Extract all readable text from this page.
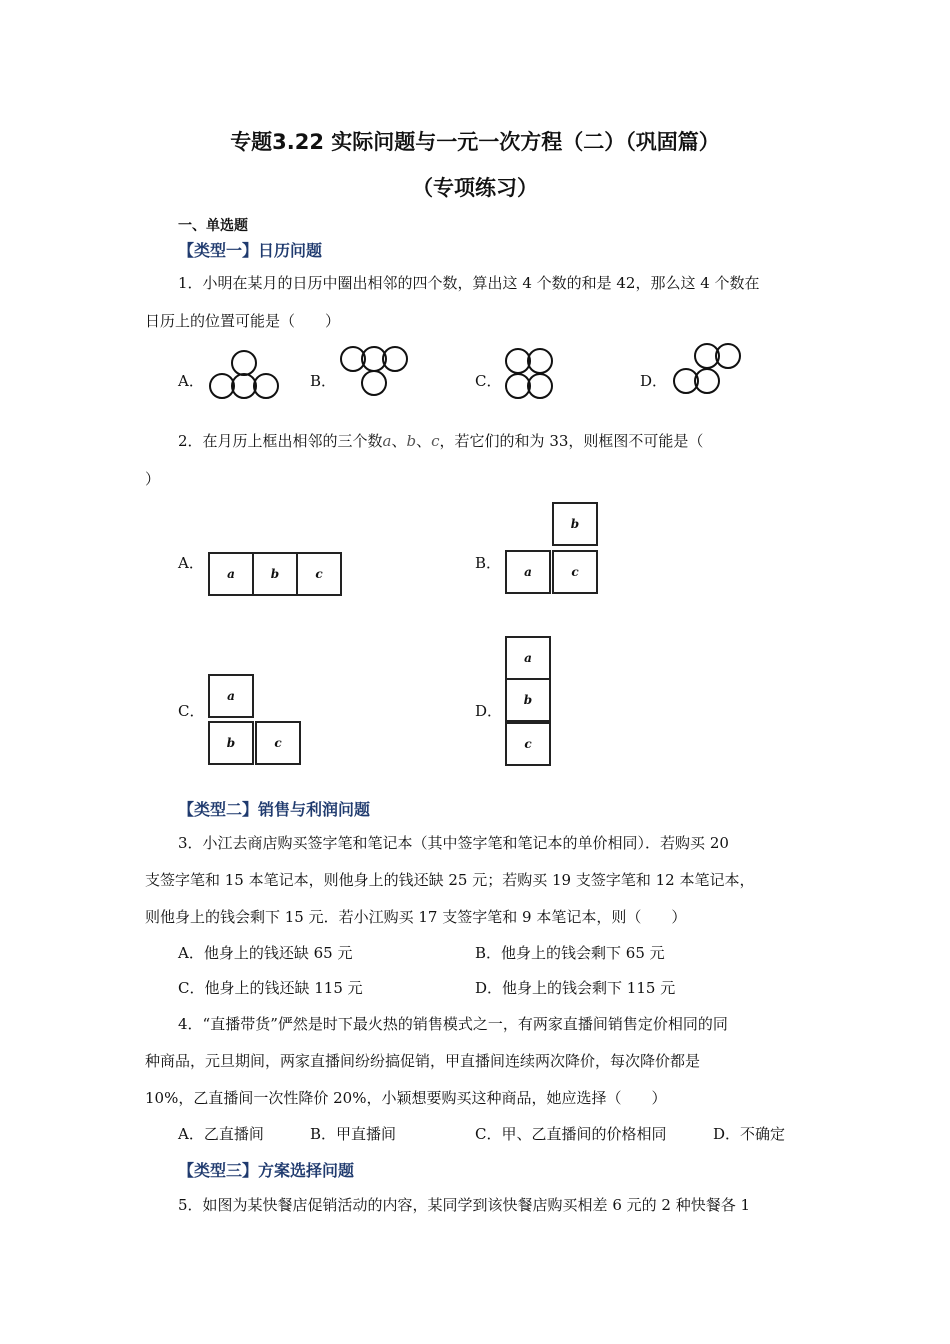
专题3.22 实际问题与一元一次方程（二）（巩固篇）
（专项练习）
一、单选题
【类型一】日历问题
1．小明在某月的日历中圈出相邻的四个数，算出这 4 个数的和是 42，那么这 4 个数在
日历上的位置可能是（　　）
A．	B．	C．	D．
2．在月历上框出相邻的三个数a、b、c，若它们的和为 33，则框图不可能是（
）
A．
a	b	c
B．
b
a	c
C．
a
b	c
D．
a
b
c
【类型二】销售与利润问题
3．小江去商店购买签字笔和笔记本（其中签字笔和笔记本的单价相同）．若购买 20
支签字笔和 15 本笔记本，则他身上的钱还缺 25 元；若购买 19 支签字笔和 12 本笔记本，
则他身上的钱会剩下 15 元．若小江购买 17 支签字笔和 9 本笔记本，则（　　）
A．他身上的钱还缺 65 元	B．他身上的钱会剩下 65 元
C．他身上的钱还缺 115 元	D．他身上的钱会剩下 115 元
4．“直播带货”俨然是时下最火热的销售模式之一，有两家直播间销售定价相同的同
种商品，元旦期间，两家直播间纷纷搞促销，甲直播间连续两次降价，每次降价都是
10%，乙直播间一次性降价 20%，小颖想要购买这种商品，她应选择（　　）
A．乙直播间	B．甲直播间	C．甲、乙直播间的价格相同	D．不确定
【类型三】方案选择问题
5．如图为某快餐店促销活动的内容，某同学到该快餐店购买相差 6 元的 2 种快餐各 1
